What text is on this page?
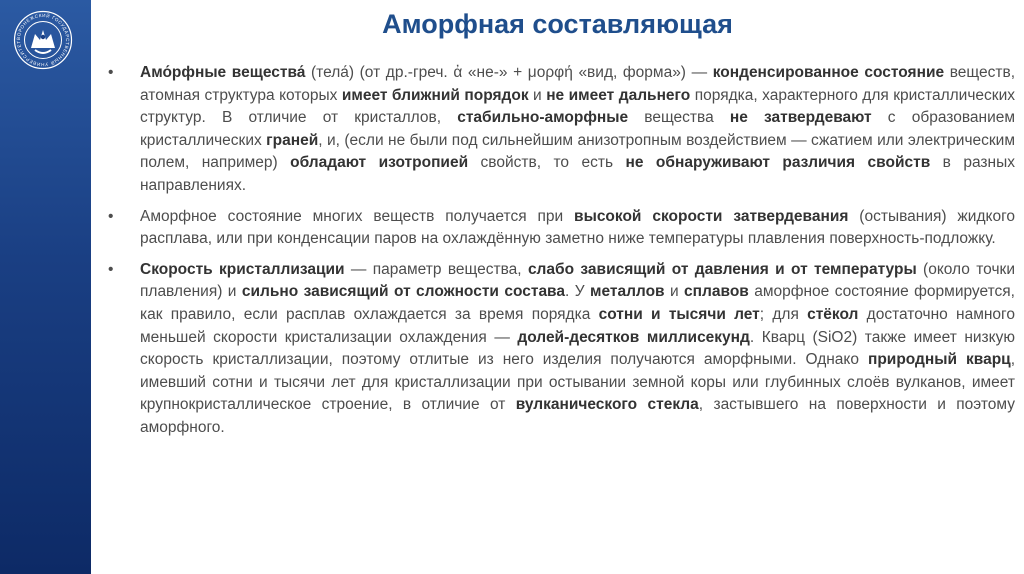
ВОРОНЕЖСКИЙ ГОСУДАРСТВЕННЫЙ УНИВЕРСИТЕТ
Аморфная составляющая
• Амо́рфные вещества́ (тела́) (от др.-греч. ἀ «не-» + μορφή «вид, форма») — конденсированное состояние веществ, атомная структура которых имеет ближний порядок и не имеет дальнего порядка, характерного для кристаллических структур. В отличие от кристаллов, стабильно-аморфные вещества не затвердевают с образованием кристаллических граней, и, (если не были под сильнейшим анизотропным воздействием — сжатием или электрическим полем, например) обладают изотропией свойств, то есть не обнаруживают различия свойств в разных направлениях.
• Аморфное состояние многих веществ получается при высокой скорости затвердевания (остывания) жидкого расплава, или при конденсации паров на охлаждённую заметно ниже температуры плавления поверхность-подложку.
• Скорость кристаллизации — параметр вещества, слабо зависящий от давления и от температуры (около точки плавления) и сильно зависящий от сложности состава. У металлов и сплавов аморфное состояние формируется, как правило, если расплав охлаждается за время порядка сотни и тысячи лет; для стёкол достаточно намного меньшей скорости кристализации охлаждения — долей-десятков миллисекунд. Кварц (SiO2) также имеет низкую скорость кристаллизации, поэтому отлитые из него изделия получаются аморфными. Однако природный кварц, имевший сотни и тысячи лет для кристаллизации при остывании земной коры или глубинных слоёв вулканов, имеет крупнокристаллическое строение, в отличие от вулканического стекла, застывшего на поверхности и поэтому аморфного.
